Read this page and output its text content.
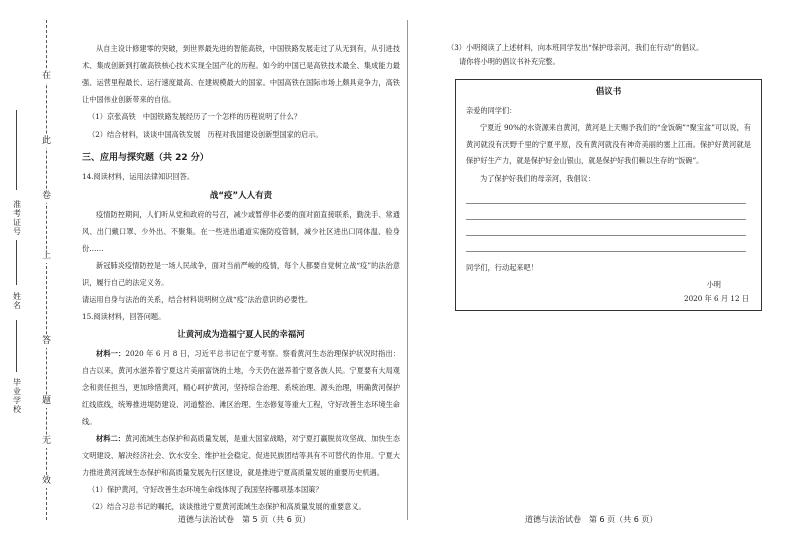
在
此
卷
上
答
题
无
效
准考证号
姓名
毕业学校

从自主设计修建零的突破，到世界最先进的智能高铁，中国铁路发展走过了从无到有，从引进技术、集成创新到打破高铁核心技术实现全国产化的历程。如今的中国已是高铁技术最全、集成能力最强、运营里程最长、运行速度最高、在建规模最大的国家。中国高铁在国际市场上颇具竞争力，高铁让中国伟业创新带来的自信。

（1）京张高铁　中国铁路发展经历了一个怎样的历程说明了什么？

（2）结合材料，谈谈中国高铁发展　历程对我国建设创新型国家的启示。

三、应用与探究题（共 22 分）

14.阅读材料，运用法律知识回答。

战“疫”人人有责

疫情防控期间，人们听从党和政府的号召，减少或暂停非必要的面对面直接联系，勤洗手、常通风、出门戴口罩、少外出、不聚集。在一些进出通道实施防疫管制，减少社区进出口同体温、验身份……

新冠肺炎疫情防控是一场人民战争，面对当前严峻的疫情，每个人都要自觉树立战“疫”的法治意识，履行自己的法定义务。

请运用自身与法治的关系，结合材料说明树立战“疫”法治意识的必要性。

15.阅读材料，回答问题。

让黄河成为造福宁夏人民的幸福河

材料一：2020 年 6 月 8 日，习近平总书记在宁夏考察。察看黄河生态治理保护状况时指出：自古以来，黄河水滋养着宁夏这片美丽富饶的土地，今天仍在滋养着宁夏各族人民。宁夏要有大局观念和责任担当，更加珍惜黄河，精心呵护黄河，坚持综合治理、系统治理、源头治理，明确黄河保护红线底线，统筹推进堤防建设、河道整治、滩区治理、生态修复等重大工程，守好改善生态环境生命线。

材料二：黄河流域生态保护和高质量发展，是重大国家战略，对宁夏打赢脱贫攻坚战、加快生态文明建设、解决经济社会、饮水安全、维护社会稳定、促进民族团结等具有不可替代的作用。宁夏大力推进黄河流域生态保护和高质量发展先行区建设，就是推进宁夏高质量发展的重要历史机遇。

（1）保护黄河，守好改善生态环境生命线体现了我国坚持哪项基本国策？

（2）结合习总书记的嘱托，谈谈推进宁夏黄河流域生态保护和高质量发展的重要意义。

道德与法治试卷　第 5 页（共 6 页）

（3）小明阅读了上述材料，向本班同学发出“保护母亲河，我们在行动”的倡议。

请你将小明的倡议书补充完整。

倡议书

亲爱的同学们：

宁夏近 90%的水资源来自黄河，黄河是上天赐予我们的“金饭碗”“聚宝盆”可以说，有黄河就没有沃野千里的宁夏平原，没有黄河就没有神奇美丽的塞上江南。保护好黄河就是保护好生产力，就是保护好金山银山，就是保护好我们赖以生存的“饭碗”。

为了保护好我们的母亲河，我倡议：

同学们，行动起来吧！

小明

2020 年 6 月 12 日

道德与法治试卷　第 6 页（共 6 页）
